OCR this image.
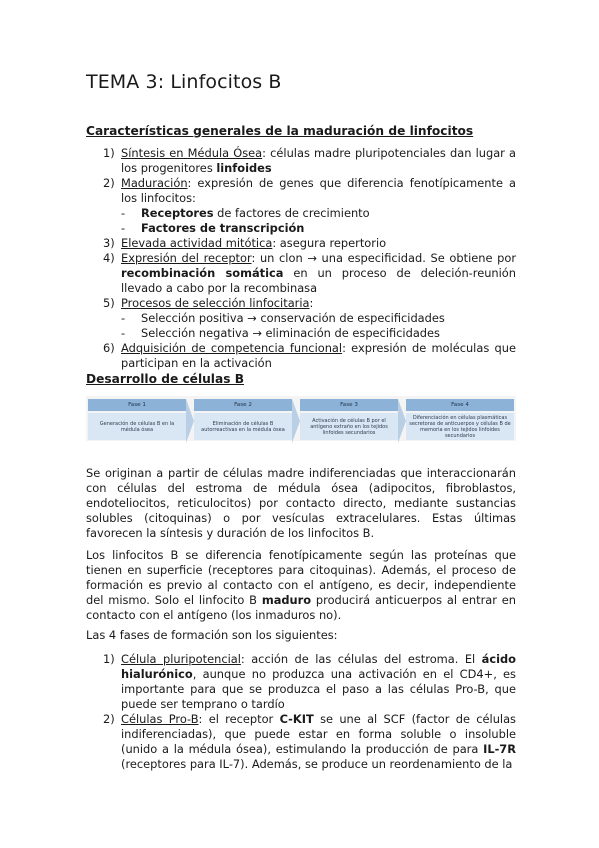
TEMA 3: Linfocitos B
Características generales de la maduración de linfocitos
1) Síntesis en Médula Ósea: células madre pluripotenciales dan lugar a los progenitores linfoides
2) Maduración: expresión de genes que diferencia fenotípicamente a los linfocitos:
- Receptores de factores de crecimiento
- Factores de transcripción
3) Elevada actividad mitótica: asegura repertorio
4) Expresión del receptor: un clon → una especificidad. Se obtiene por recombinación somática en un proceso de deleción-reunión llevado a cabo por la recombinasa
5) Procesos de selección linfocitaria:
- Selección positiva → conservación de especificidades
- Selección negativa → eliminación de especificidades
6) Adquisición de competencia funcional: expresión de moléculas que participan en la activación
Desarrollo de células B
Fase 1
Generación de células B en la médula ósea
Fase 2
Eliminación de células B autorreactivas en la médula ósea
Fase 3
Activación de células B por el antígeno extraño en los tejidos linfoides secundarios
Fase 4
Diferenciación en células plasmáticas secretoras de anticuerpos y células B de memoria en los tejidos linfoides secundarios

Se originan a partir de células madre indiferenciadas que interaccionarán con células del estroma de médula ósea (adipocitos, fibroblastos, endoteliocitos, reticulocitos) por contacto directo, mediante sustancias solubles (citoquinas) o por vesículas extracelulares. Estas últimas favorecen la síntesis y duración de los linfocitos B.

Los linfocitos B se diferencia fenotípicamente según las proteínas que tienen en superficie (receptores para citoquinas). Además, el proceso de formación es previo al contacto con el antígeno, es decir, independiente del mismo. Solo el linfocito B maduro producirá anticuerpos al entrar en contacto con el antígeno (los inmaduros no).

Las 4 fases de formación son los siguientes:

1) Célula pluripotencial: acción de las células del estroma. El ácido hialurónico, aunque no produzca una activación en el CD4+, es importante para que se produzca el paso a las células Pro-B, que puede ser temprano o tardío
2) Células Pro-B: el receptor C-KIT se une al SCF (factor de células indiferenciadas), que puede estar en forma soluble o insoluble (unido a la médula ósea), estimulando la producción de para IL-7R (receptores para IL-7). Además, se produce un reordenamiento de la
